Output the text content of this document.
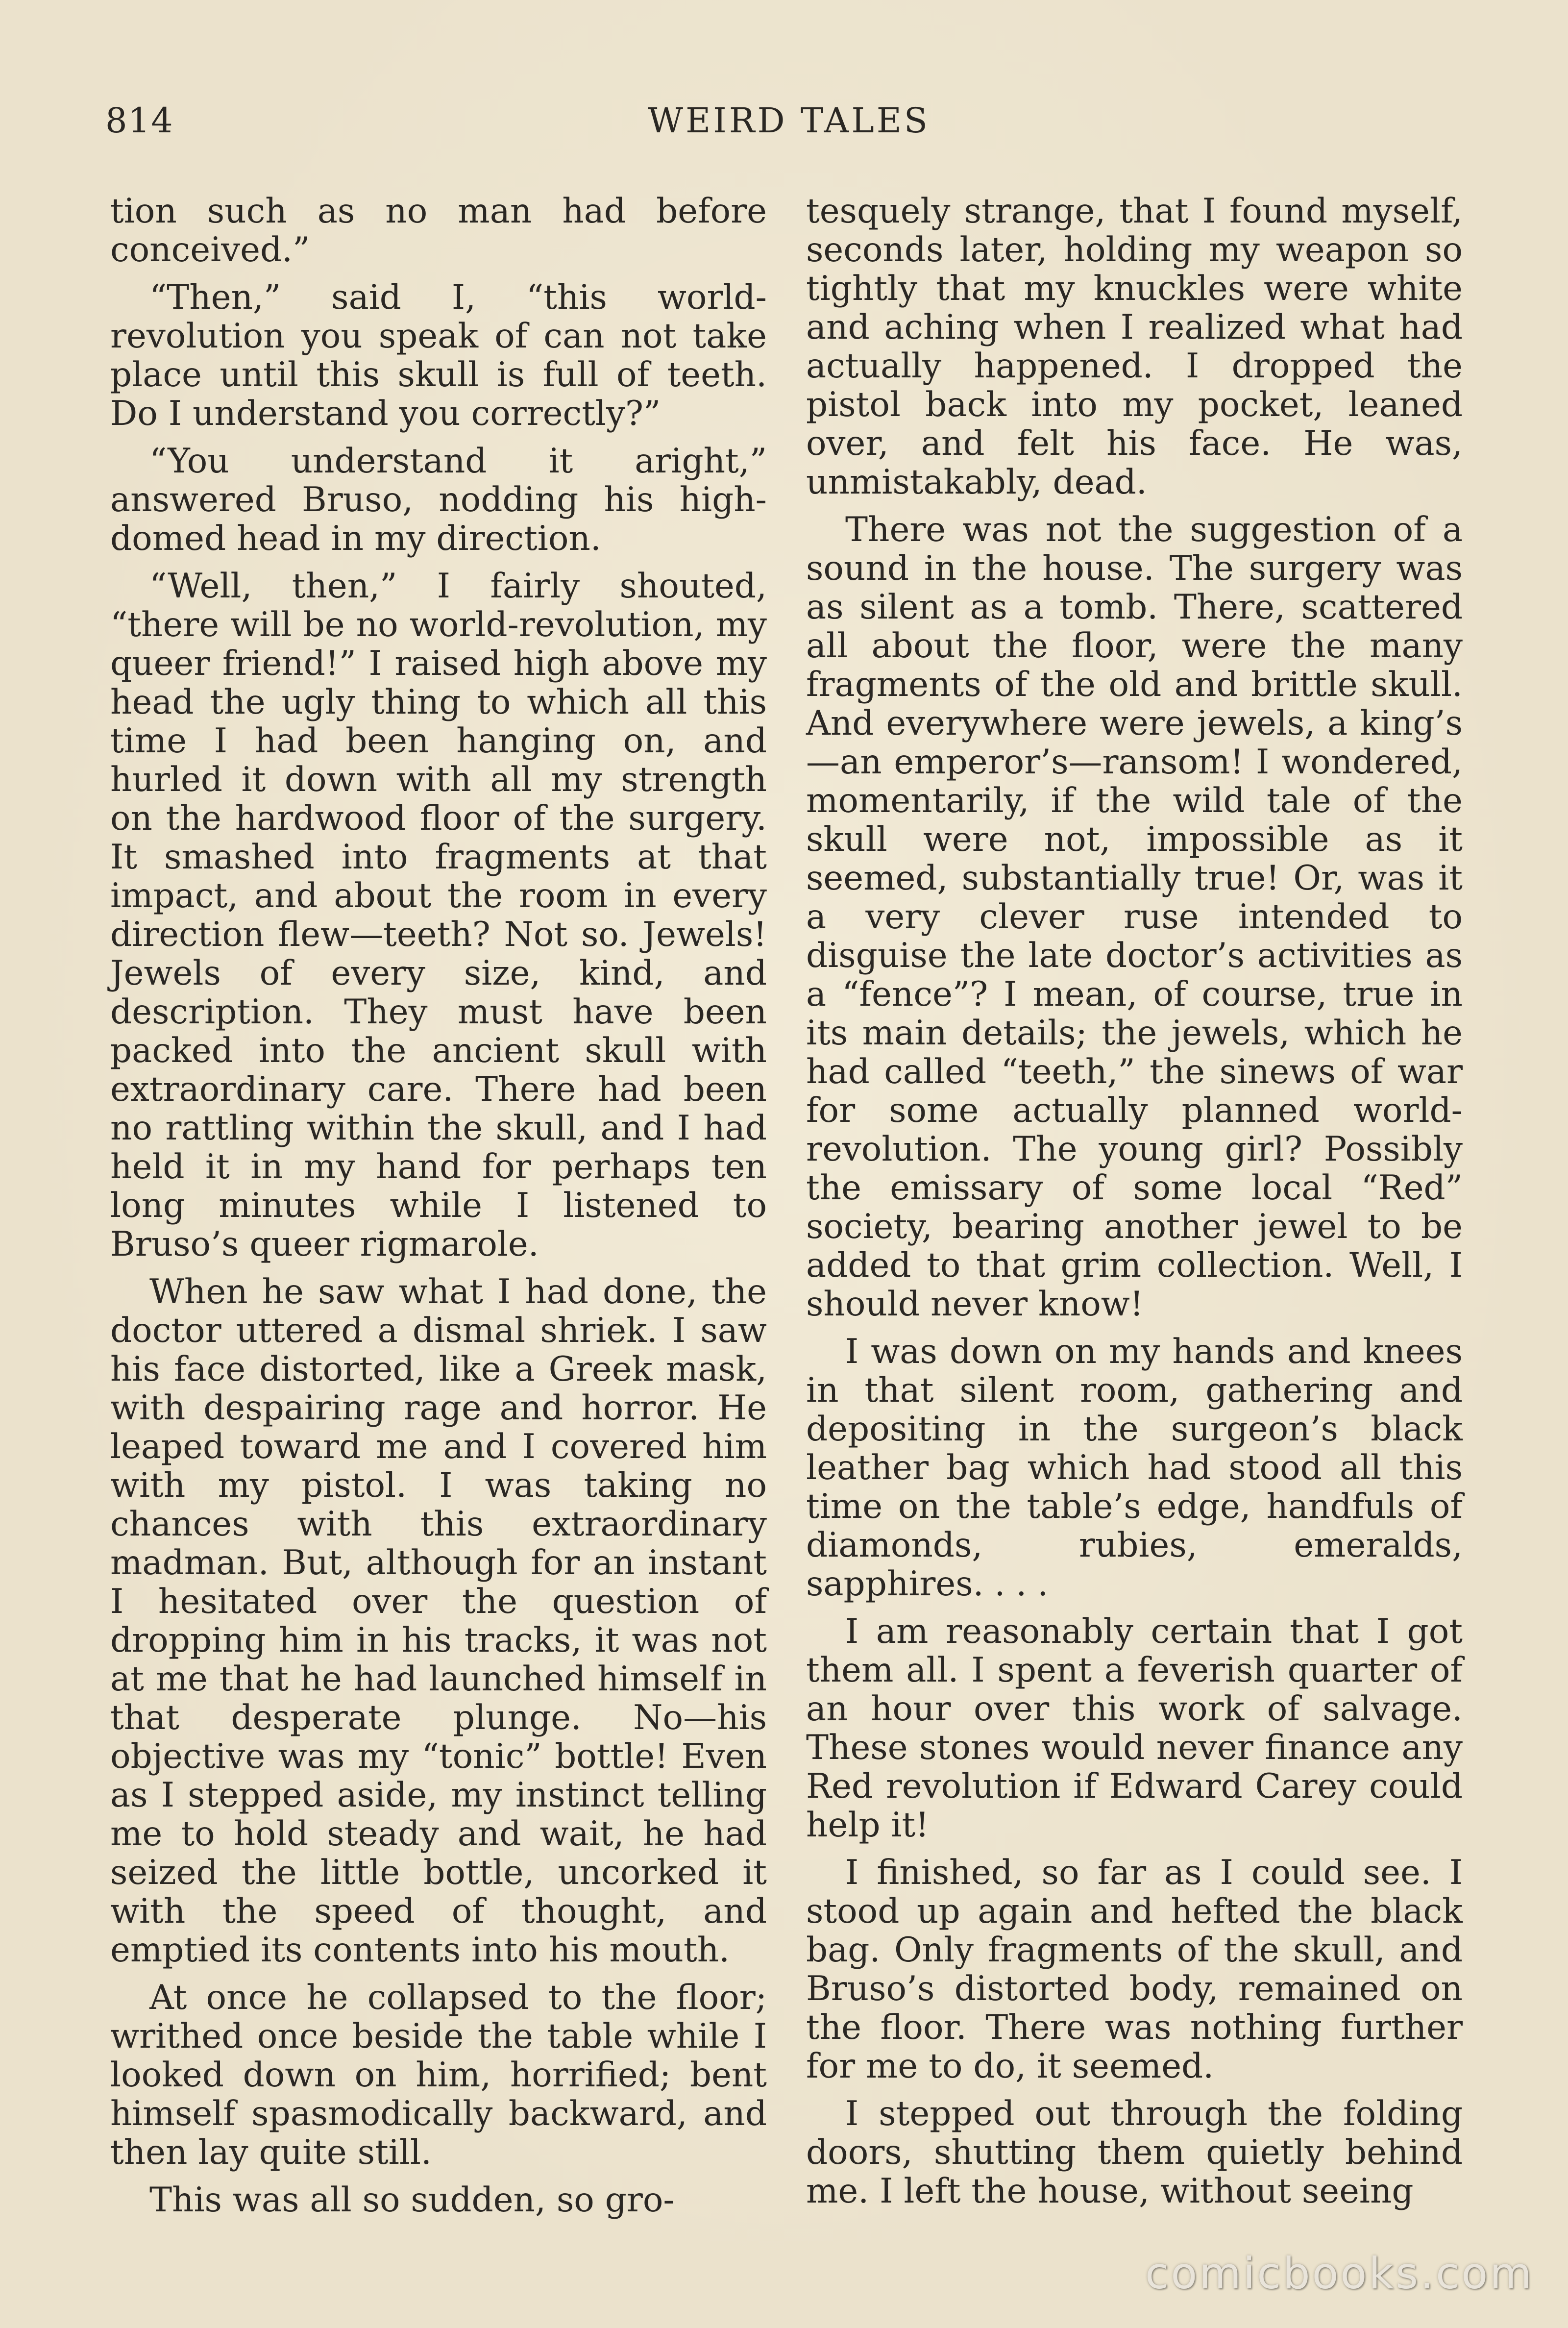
814	WEIRD TALES

tion such as no man had before conceived.”

“Then,” said I, “this world-revolution you speak of can not take place until this skull is full of teeth. Do I understand you correctly?”

“You understand it aright,” answered Bruso, nodding his high-domed head in my direction.

“Well, then,” I fairly shouted, “there will be no world-revolution, my queer friend!” I raised high above my head the ugly thing to which all this time I had been hanging on, and hurled it down with all my strength on the hardwood floor of the surgery. It smashed into fragments at that impact, and about the room in every direction flew—teeth? Not so. Jewels! Jewels of every size, kind, and description. They must have been packed into the ancient skull with extraordinary care. There had been no rattling within the skull, and I had held it in my hand for perhaps ten long minutes while I listened to Bruso’s queer rigmarole.

When he saw what I had done, the doctor uttered a dismal shriek. I saw his face distorted, like a Greek mask, with despairing rage and horror. He leaped toward me and I covered him with my pistol. I was taking no chances with this extraordinary madman. But, although for an instant I hesitated over the question of dropping him in his tracks, it was not at me that he had launched himself in that desperate plunge. No—his objective was my “tonic” bottle! Even as I stepped aside, my instinct telling me to hold steady and wait, he had seized the little bottle, uncorked it with the speed of thought, and emptied its contents into his mouth.

At once he collapsed to the floor; writhed once beside the table while I looked down on him, horrified; bent himself spasmodically backward, and then lay quite still.

This was all so sudden, so gro-

tesquely strange, that I found myself, seconds later, holding my weapon so tightly that my knuckles were white and aching when I realized what had actually happened. I dropped the pistol back into my pocket, leaned over, and felt his face. He was, unmistakably, dead.

There was not the suggestion of a sound in the house. The surgery was as silent as a tomb. There, scattered all about the floor, were the many fragments of the old and brittle skull. And everywhere were jewels, a king’s—an emperor’s—ransom! I wondered, momentarily, if the wild tale of the skull were not, impossible as it seemed, substantially true! Or, was it a very clever ruse intended to disguise the late doctor’s activities as a “fence”? I mean, of course, true in its main details; the jewels, which he had called “teeth,” the sinews of war for some actually planned world-revolution. The young girl? Possibly the emissary of some local “Red” society, bearing another jewel to be added to that grim collection. Well, I should never know!

I was down on my hands and knees in that silent room, gathering and depositing in the surgeon’s black leather bag which had stood all this time on the table’s edge, handfuls of diamonds, rubies, emeralds, sapphires. . . .

I am reasonably certain that I got them all. I spent a feverish quarter of an hour over this work of salvage. These stones would never finance any Red revolution if Edward Carey could help it!

I finished, so far as I could see. I stood up again and hefted the black bag. Only fragments of the skull, and Bruso’s distorted body, remained on the floor. There was nothing further for me to do, it seemed.

I stepped out through the folding doors, shutting them quietly behind me. I left the house, without seeing

comicbooks.com
